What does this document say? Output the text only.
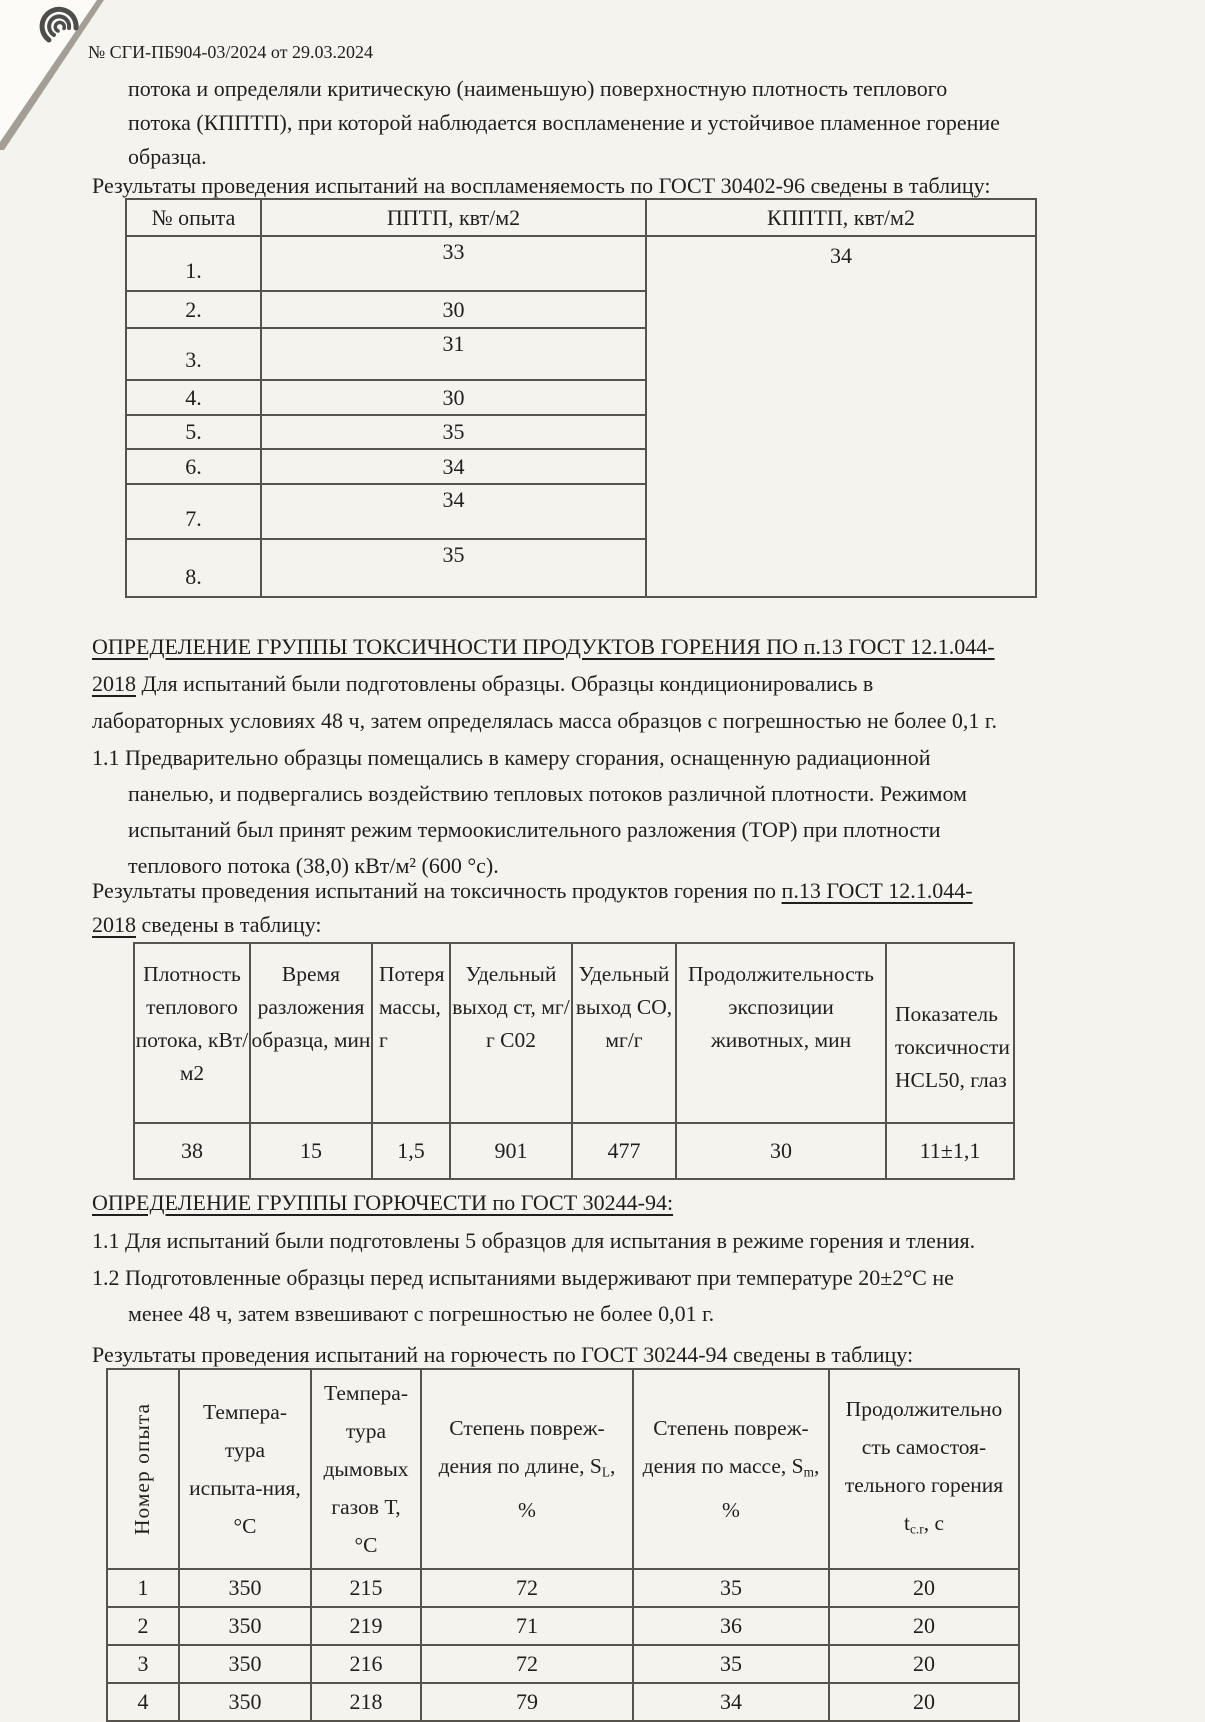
№ СГИ-ПБ904-03/2024 от 29.03.2024
потока и определяли критическую (наименьшую) поверхностную плотность теплового
потока (КППТП), при которой наблюдается воспламенение и устойчивое пламенное горение
образца.
Результаты проведения испытаний на воспламеняемость по ГОСТ 30402-96 сведены в таблицу:
№ опыта	ППТП, квт/м2	КППТП, квт/м2
1.	33	34
2.	30	
3.	31	
4.	30	
5.	35	
6.	34	
7.	34	
8.	35	
ОПРЕДЕЛЕНИЕ ГРУППЫ ТОКСИЧНОСТИ ПРОДУКТОВ ГОРЕНИЯ ПО п.13 ГОСТ 12.1.044-
2018 Для испытаний были подготовлены образцы. Образцы кондиционировались в
лабораторных условиях 48 ч, затем определялась масса образцов с погрешностью не более 0,1 г.
1.1 Предварительно образцы помещались в камеру сгорания, оснащенную радиационной
панелью, и подвергались воздействию тепловых потоков различной плотности. Режимом
испытаний был принят режим термоокислительного разложения (ТОР) при плотности
теплового потока (38,0) кВт/м² (600 °с).
Результаты проведения испытаний на токсичность продуктов горения по п.13 ГОСТ 12.1.044-
2018 сведены в таблицу:
Плотность теплового потока, кВт/м2	Время разложения образца, мин	Потеря массы, г	Удельный выход ст, мг/г С02	Удельный выход СО, мг/г	Продолжительность экспозиции животных, мин	Показатель токсичности HCL50, глаз
38	15	1,5	901	477	30	11±1,1
ОПРЕДЕЛЕНИЕ ГРУППЫ ГОРЮЧЕСТИ по ГОСТ 30244-94:
1.1 Для испытаний были подготовлены 5 образцов для испытания в режиме горения и тления.
1.2 Подготовленные образцы перед испытаниями выдерживают при температуре 20±2°С не
менее 48 ч, затем взвешивают с погрешностью не более 0,01 г.
Результаты проведения испытаний на горючесть по ГОСТ 30244-94 сведены в таблицу:
Номер опыта	Темпера-тура испыта-ния, °С	Темпера-тура дымовых газов Т, °С	Степень повреж-дения по длине, $S_L$, %	Степень повреж-дения по массе, $S_m$, %	Продолжительно сть самостоя-тельного горения $t_{c.r}$, с
1	350	215	72	35	20
2	350	219	71	36	20
3	350	216	72	35	20
4	350	218	79	34	20
